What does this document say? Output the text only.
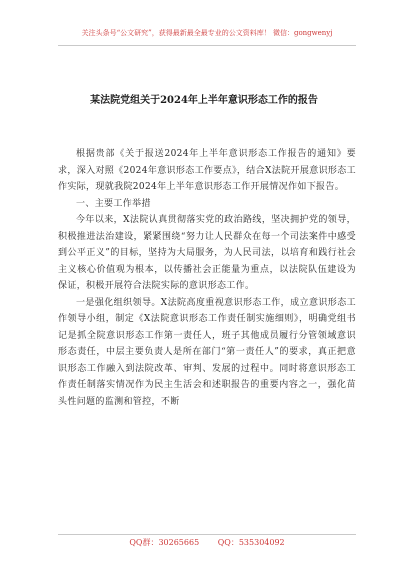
关注头条号“公文研究”，获得最新最全最专业的公文资料库！ 微信：gongwenyj
某法院党组关于2024年上半年意识形态工作的报告

根据贵部《关于报送2024年上半年意识形态工作报告的通知》要求，深入对照《2024年意识形态工作要点》，结合X法院开展意识形态工作实际，现就我院2024年上半年意识形态工作开展情况作如下报告。

一、主要工作举措

今年以来，X法院认真贯彻落实党的政治路线，坚决拥护党的领导，积极推进法治建设，紧紧围绕“努力让人民群众在每一个司法案件中感受到公平正义”的目标，坚持为大局服务，为人民司法，以培育和践行社会主义核心价值观为根本，以传播社会正能量为重点，以法院队伍建设为保证，积极开展符合法院实际的意识形态工作。

一是强化组织领导。X法院高度重视意识形态工作，成立意识形态工作领导小组，制定《X法院意识形态工作责任制实施细则》，明确党组书记是抓全院意识形态工作第一责任人，班子其他成员履行分管领域意识形态责任，中层主要负责人是所在部门“第一责任人”的要求，真正把意识形态工作融入到法院改革、审判、发展的过程中。同时将意识形态工作责任制落实情况作为民主生活会和述职报告的重要内容之一，强化苗头性问题的监测和管控，不断

QQ群：30265665 QQ：535304092
